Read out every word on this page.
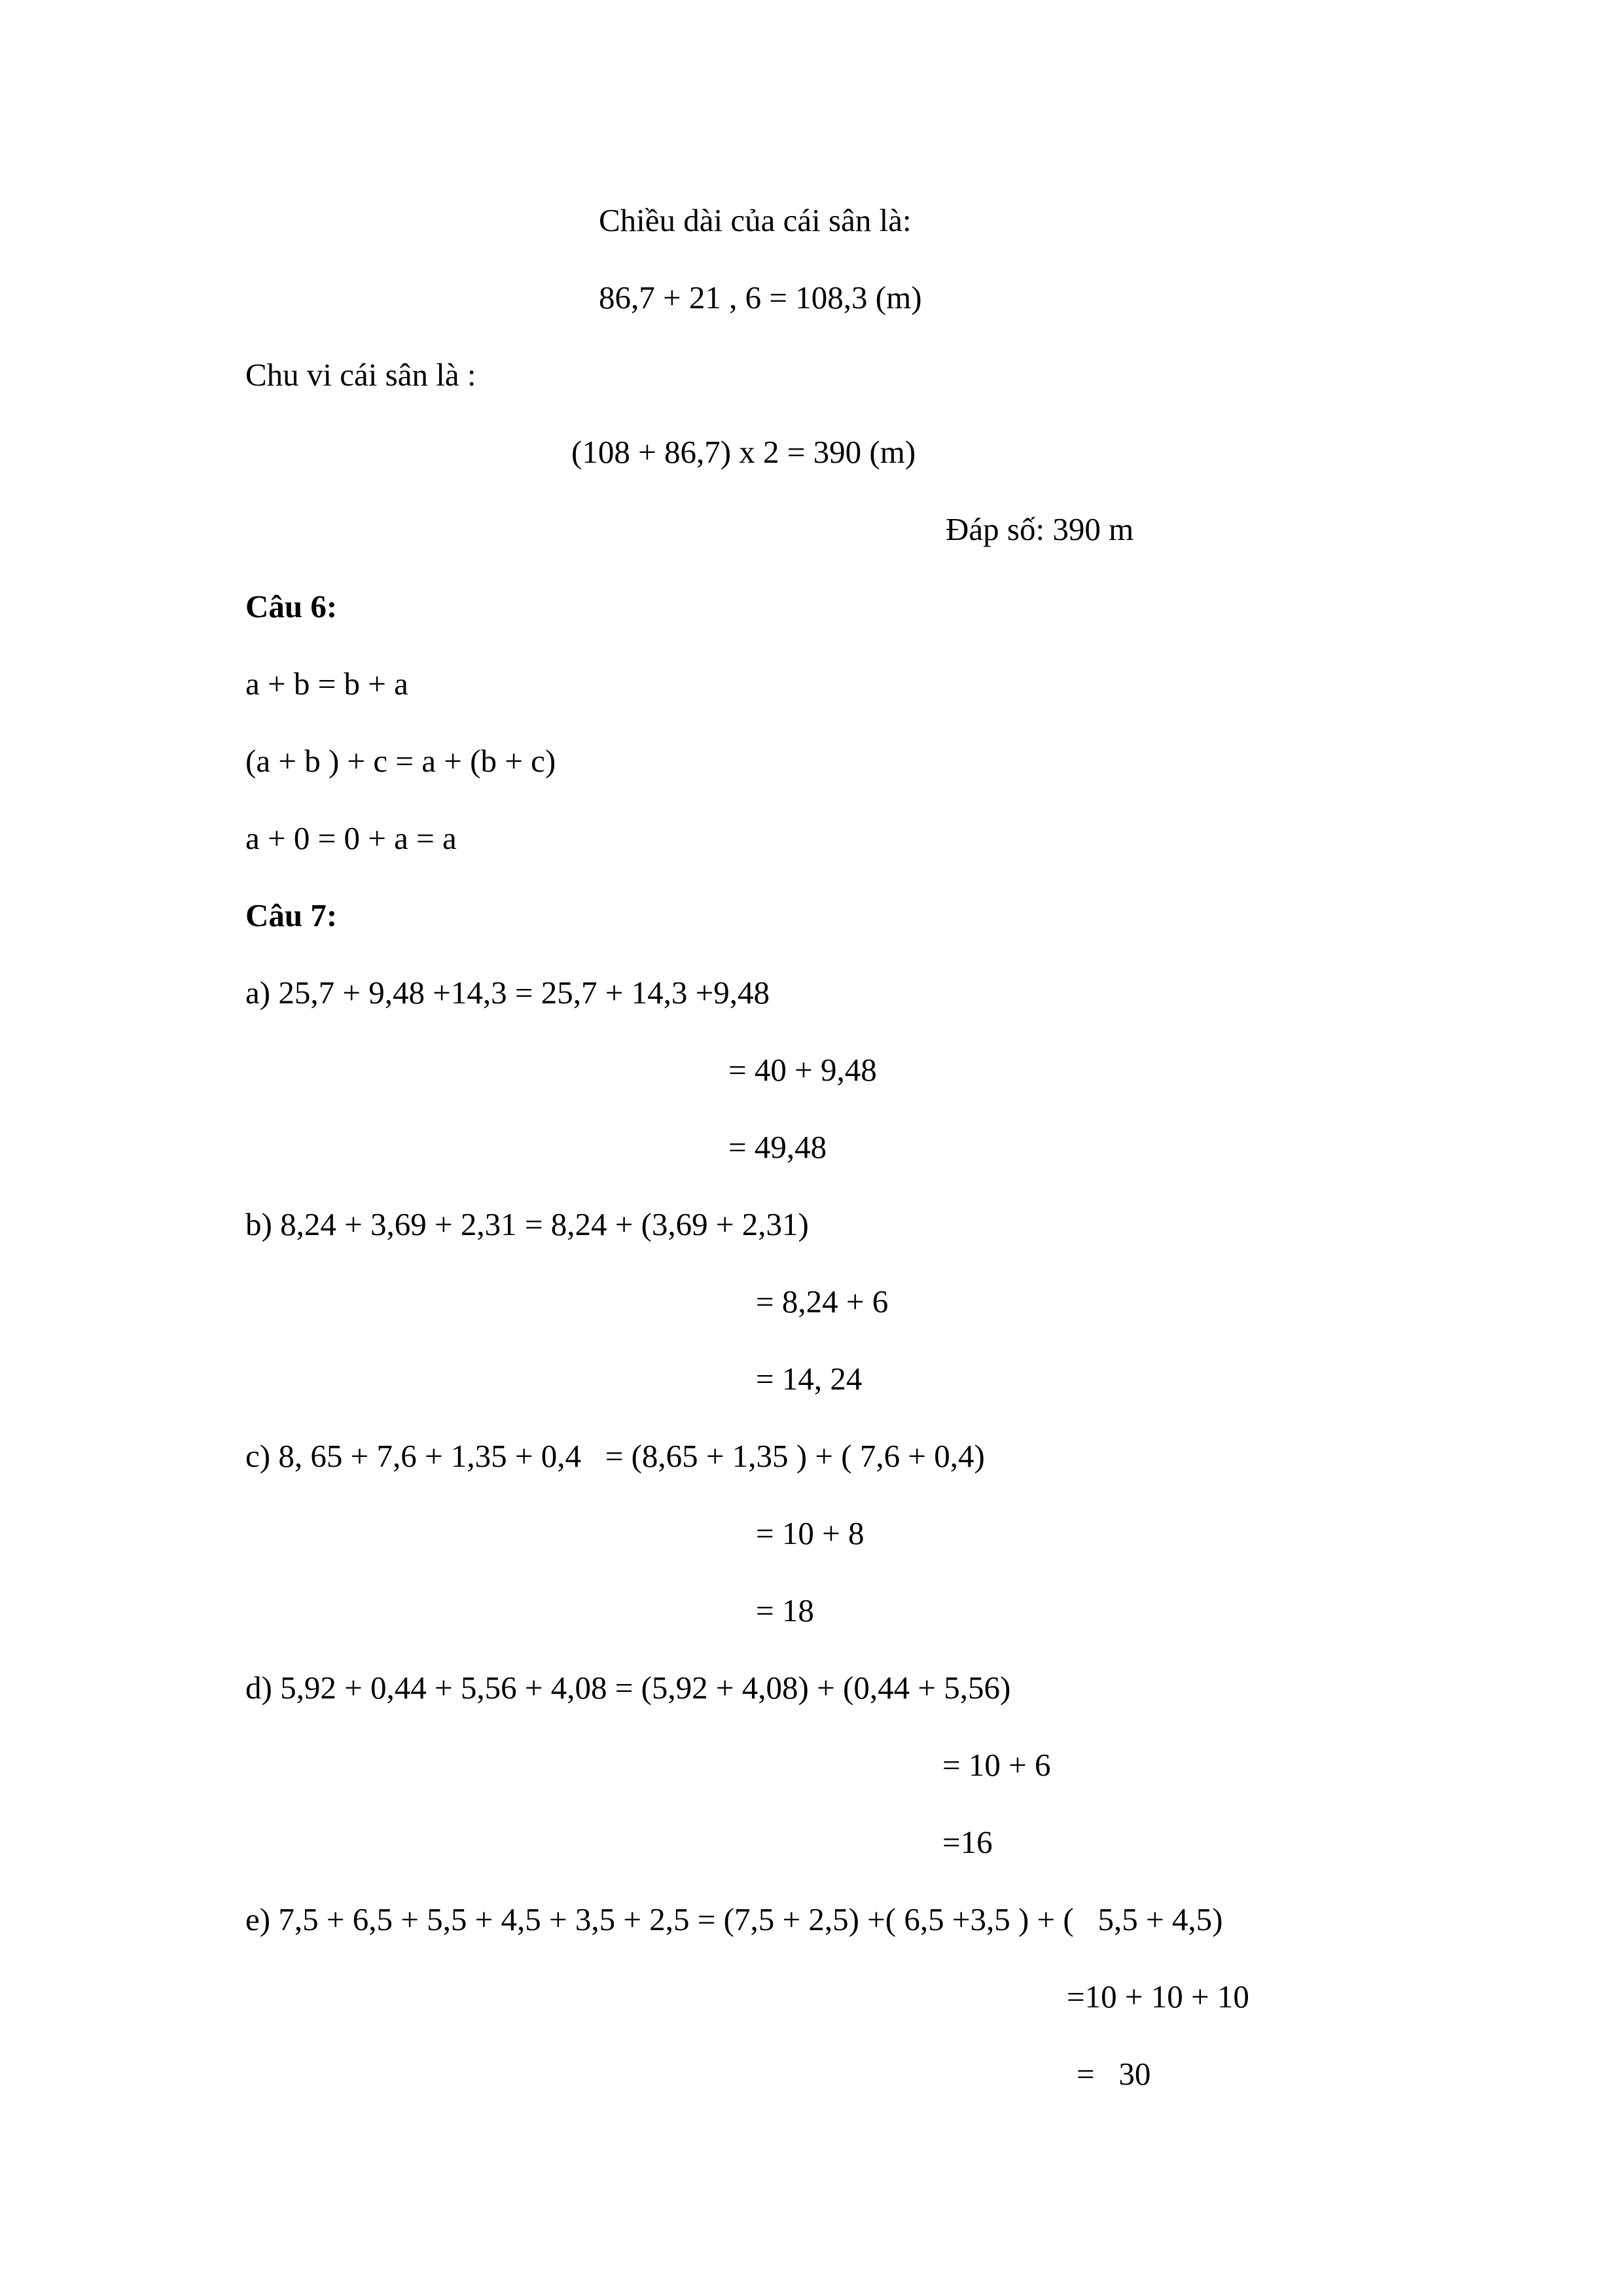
Chiều dài của cái sân là:
86,7 + 21 , 6 = 108,3 (m)
Chu vi cái sân là :
(108 + 86,7) x 2 = 390 (m)
Đáp số: 390 m
Câu 6:
a + b = b + a
(a + b ) + c = a + (b + c)
a + 0 = 0 + a = a
Câu 7:
a) 25,7 + 9,48 +14,3 = 25,7 + 14,3 +9,48
= 40 + 9,48
= 49,48
b) 8,24 + 3,69 + 2,31 = 8,24 + (3,69 + 2,31)
= 8,24 + 6
= 14, 24
c) 8, 65 + 7,6 + 1,35 + 0,4   = (8,65 + 1,35 ) + ( 7,6 + 0,4)
= 10 + 8
= 18
d) 5,92 + 0,44 + 5,56 + 4,08 = (5,92 + 4,08) + (0,44 + 5,56)
= 10 + 6
=16
e) 7,5 + 6,5 + 5,5 + 4,5 + 3,5 + 2,5 = (7,5 + 2,5) +( 6,5 +3,5 ) + (   5,5 + 4,5)
=10 + 10 + 10
=   30
